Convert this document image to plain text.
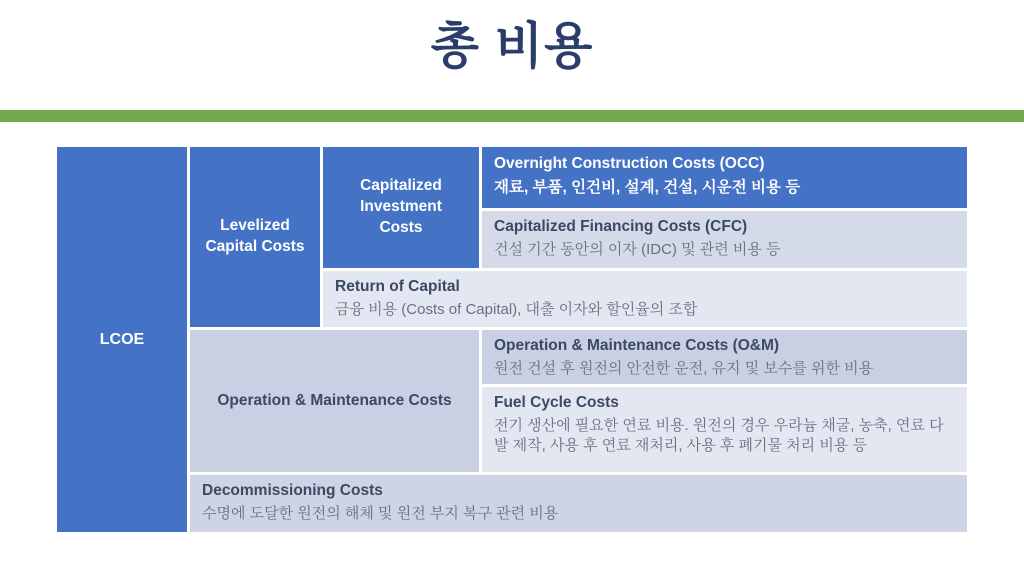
총 비용
LCOE
Levelized Capital Costs
Capitalized Investment Costs
Overnight Construction Costs (OCC)
재료, 부품, 인건비, 설계, 건설, 시운전 비용 등
Capitalized Financing Costs (CFC)
건설 기간 동안의 이자 (IDC) 및 관련 비용 등
Return of Capital
금융 비용 (Costs of Capital), 대출 이자와 할인율의 조합
Operation & Maintenance Costs
Operation & Maintenance Costs (O&M)
원전 건설 후 원전의 안전한 운전, 유지 및 보수를 위한 비용
Fuel Cycle Costs
전기 생산에 필요한 연료 비용. 원전의 경우 우라늄 채굴, 농축, 연료 다발 제작, 사용 후 연료 재처리, 사용 후 폐기물 처리 비용 등
Decommissioning Costs
수명에 도달한 원전의 해체 및 원전 부지 복구 관련 비용
